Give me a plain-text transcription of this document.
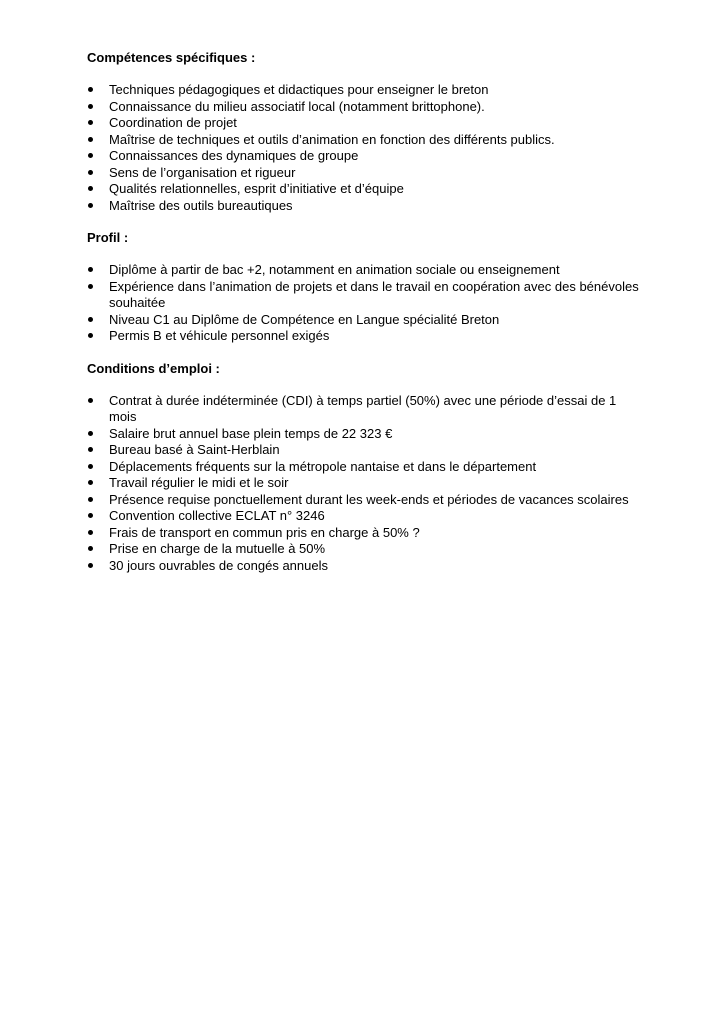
Compétences spécifiques :
Techniques pédagogiques et didactiques pour enseigner le breton
Connaissance du milieu associatif local (notamment brittophone).
Coordination de projet
Maîtrise de techniques et outils d’animation en fonction des différents publics.
Connaissances des dynamiques de groupe
Sens de l’organisation et rigueur
Qualités relationnelles, esprit d’initiative et d’équipe
Maîtrise des outils bureautiques
Profil :
Diplôme à partir de bac +2, notamment en animation sociale ou enseignement
Expérience dans l’animation de projets et dans le travail en coopération avec des bénévoles souhaitée
Niveau C1 au Diplôme de Compétence en Langue spécialité Breton
Permis B et véhicule personnel exigés
Conditions d’emploi :
Contrat à durée indéterminée (CDI) à temps partiel (50%) avec une période d’essai de 1 mois
Salaire brut annuel base plein temps de 22 323 €
Bureau basé à Saint-Herblain
Déplacements fréquents sur la métropole nantaise et dans le département
Travail régulier le midi et le soir
Présence requise ponctuellement durant les week-ends et périodes de vacances scolaires
Convention collective ECLAT n° 3246
Frais de transport en commun pris en charge à 50% ?
Prise en charge de la mutuelle à 50%
30 jours ouvrables de congés annuels
